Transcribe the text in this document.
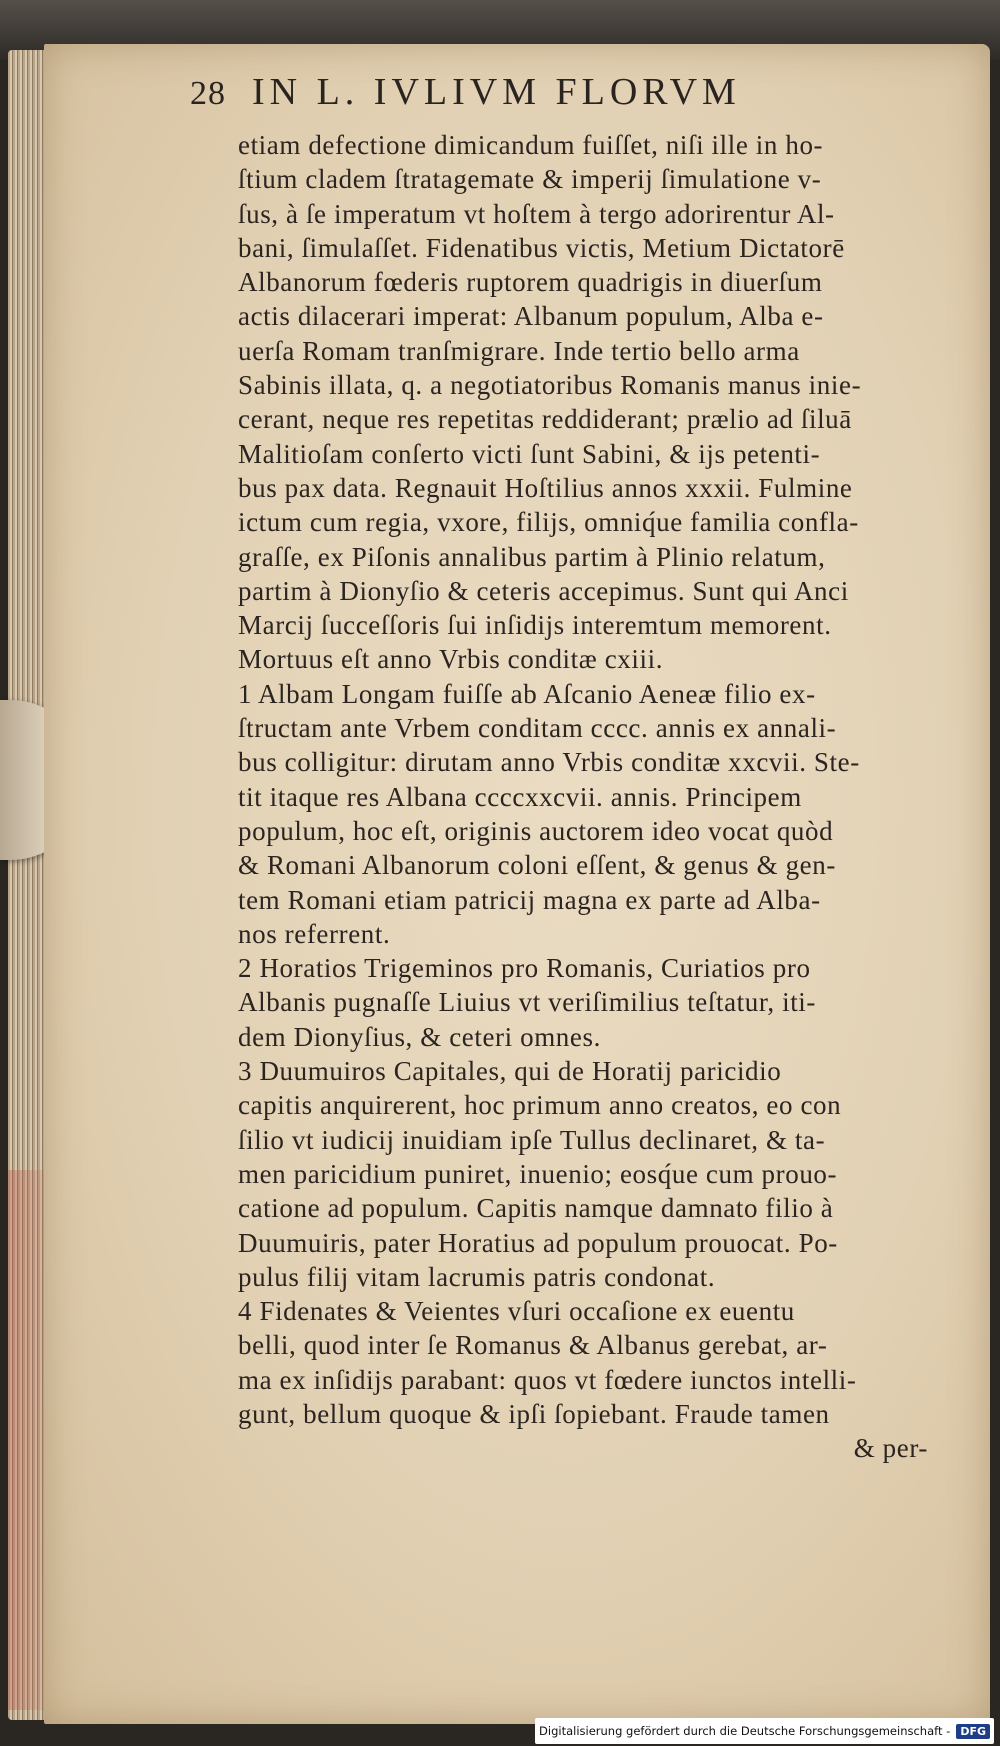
28 IN L. IVLIVM FLORVM
etiam defectione dimicandum fuiſſet, niſi ille in ho-
ſtium cladem ſtratagemate & imperij ſimulatione v-
ſus, à ſe imperatum vt hoſtem à tergo adorirentur Al-
bani, ſimulaſſet. Fidenatibus victis, Metium Dictatorē
Albanorum fœderis ruptorem quadrigis in diuerſum
actis dilacerari imperat: Albanum populum, Alba e-
uerſa Romam tranſmigrare. Inde tertio bello arma
Sabinis illata, q. a negotiatoribus Romanis manus inie-
cerant, neque res repetitas reddiderant; prælio ad ſiluā
Malitioſam conſerto victi ſunt Sabini, & ijs petenti-
bus pax data. Regnauit Hoſtilius annos xxxii. Fulmine
ictum cum regia, vxore, filijs, omniq́ue familia confla-
graſſe, ex Piſonis annalibus partim à Plinio relatum,
partim à Dionyſio & ceteris accepimus. Sunt qui Anci
Marcij ſucceſſoris ſui inſidijs interemtum memorent.
Mortuus eſt anno Vrbis conditæ cxiii.
1 Albam Longam fuiſſe ab Aſcanio Aeneæ filio ex-
ſtructam ante Vrbem conditam cccc. annis ex annali-
bus colligitur: dirutam anno Vrbis conditæ xxcvii. Ste-
tit itaque res Albana ccccxxcvii. annis. Principem
populum, hoc eſt, originis auctorem ideo vocat quòd
& Romani Albanorum coloni eſſent, & genus & gen-
tem Romani etiam patricij magna ex parte ad Alba-
nos referrent.
2 Horatios Trigeminos pro Romanis, Curiatios pro
Albanis pugnaſſe Liuius vt veriſimilius teſtatur, iti-
dem Dionyſius, & ceteri omnes.
3 Duumuiros Capitales, qui de Horatij paricidio
capitis anquirerent, hoc primum anno creatos, eo con
ſilio vt iudicij inuidiam ipſe Tullus declinaret, & ta-
men paricidium puniret, inuenio; eosq́ue cum prouo-
catione ad populum. Capitis namque damnato filio à
Duumuiris, pater Horatius ad populum prouocat. Po-
pulus filij vitam lacrumis patris condonat.
4 Fidenates & Veientes vſuri occaſione ex euentu
belli, quod inter ſe Romanus & Albanus gerebat, ar-
ma ex inſidijs parabant: quos vt fœdere iunctos intelli-
gunt, bellum quoque & ipſi ſopiebant. Fraude tamen
& per-
Digitalisierung gefördert durch die Deutsche Forschungsgemeinschaft - DFG
